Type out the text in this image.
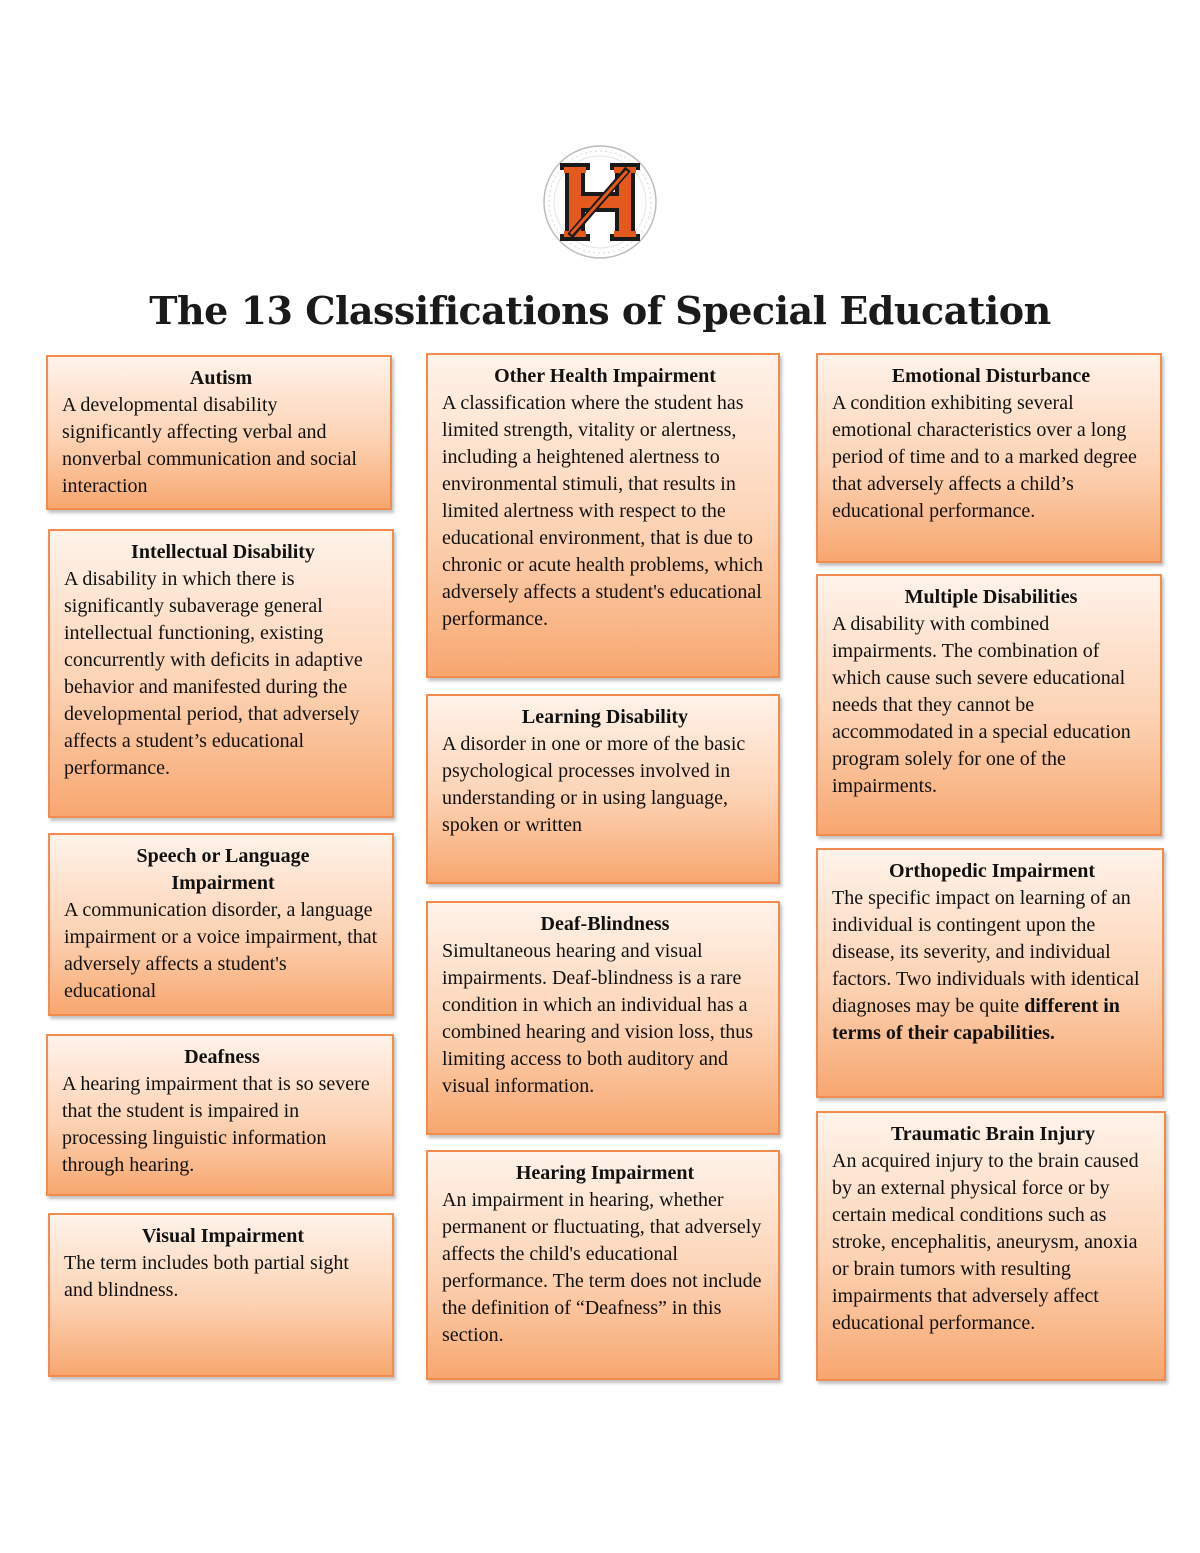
The 13 Classifications of Special Education
Autism

A developmental disability significantly affecting verbal and nonverbal communication and social interaction

Intellectual Disability

A disability in which there is significantly subaverage general intellectual functioning, existing concurrently with deficits in adaptive behavior and manifested during the developmental period, that adversely affects a student’s educational performance.

Speech or Language Impairment

A communication disorder, a language impairment or a voice impairment, that adversely affects a student's educational

Deafness

A hearing impairment that is so severe that the student is impaired in processing linguistic information through hearing.

Visual Impairment

The term includes both partial sight and blindness.

Other Health Impairment

A classification where the student has limited strength, vitality or alertness, including a heightened alertness to environmental stimuli, that results in limited alertness with respect to the educational environment, that is due to chronic or acute health problems, which adversely affects a student's educational performance.

Learning Disability

A disorder in one or more of the basic psychological processes involved in understanding or in using language, spoken or written

Deaf-Blindness

Simultaneous hearing and visual impairments. Deaf-blindness is a rare condition in which an individual has a combined hearing and vision loss, thus limiting access to both auditory and visual information.

Hearing Impairment

An impairment in hearing, whether permanent or fluctuating, that adversely affects the child's educational performance. The term does not include the definition of “Deafness” in this section.

Emotional Disturbance

A condition exhibiting several emotional characteristics over a long period of time and to a marked degree that adversely affects a child’s educational performance.

Multiple Disabilities

A disability with combined impairments. The combination of which cause such severe educational needs that they cannot be accommodated in a special education program solely for one of the impairments.

Orthopedic Impairment

The specific impact on learning of an individual is contingent upon the disease, its severity, and individual factors. Two individuals with identical diagnoses may be quite different in terms of their capabilities.

Traumatic Brain Injury

An acquired injury to the brain caused by an external physical force or by certain medical conditions such as stroke, encephalitis, aneurysm, anoxia or brain tumors with resulting impairments that adversely affect educational performance.
